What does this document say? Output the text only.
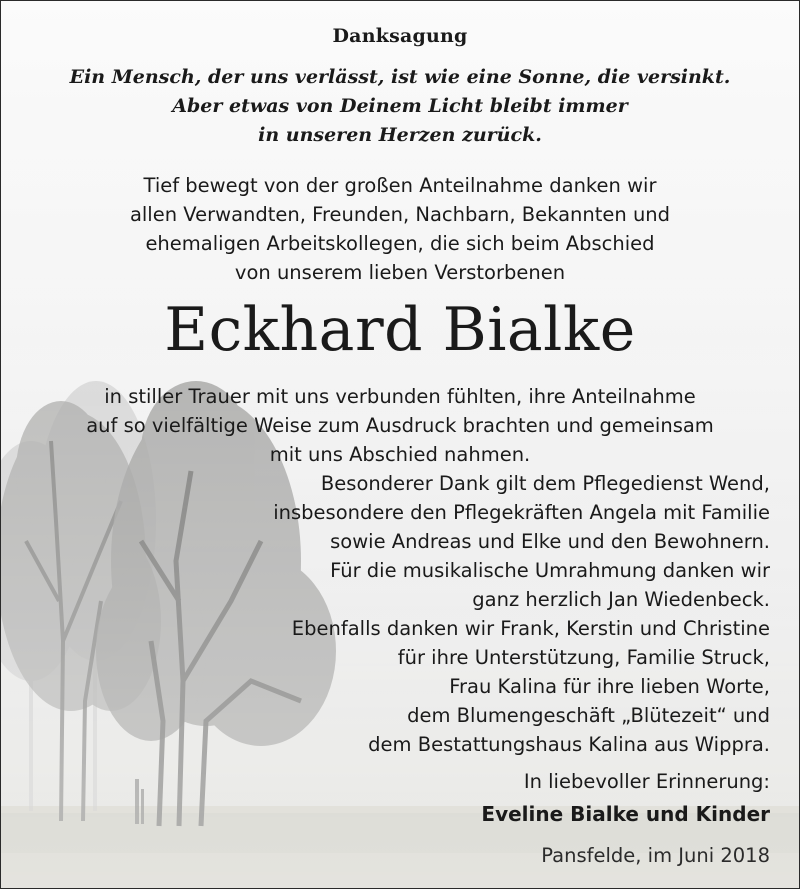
Danksagung
Ein Mensch, der uns verlässt, ist wie eine Sonne, die versinkt.
Aber etwas von Deinem Licht bleibt immer
in unseren Herzen zurück.
Tief bewegt von der großen Anteilnahme danken wir
allen Verwandten, Freunden, Nachbarn, Bekannten und
ehemaligen Arbeitskollegen, die sich beim Abschied
von unserem lieben Verstorbenen
Eckhard Bialke
in stiller Trauer mit uns verbunden fühlten, ihre Anteilnahme
auf so vielfältige Weise zum Ausdruck brachten und gemeinsam
mit uns Abschied nahmen.
Besonderer Dank gilt dem Pflegedienst Wend,
insbesondere den Pflegekräften Angela mit Familie
sowie Andreas und Elke und den Bewohnern.
Für die musikalische Umrahmung danken wir
ganz herzlich Jan Wiedenbeck.
Ebenfalls danken wir Frank, Kerstin und Christine
für ihre Unterstützung, Familie Struck,
Frau Kalina für ihre lieben Worte,
dem Blumengeschäft „Blütezeit“ und
dem Bestattungshaus Kalina aus Wippra.
In liebevoller Erinnerung:
Eveline Bialke und Kinder
Pansfelde, im Juni 2018
